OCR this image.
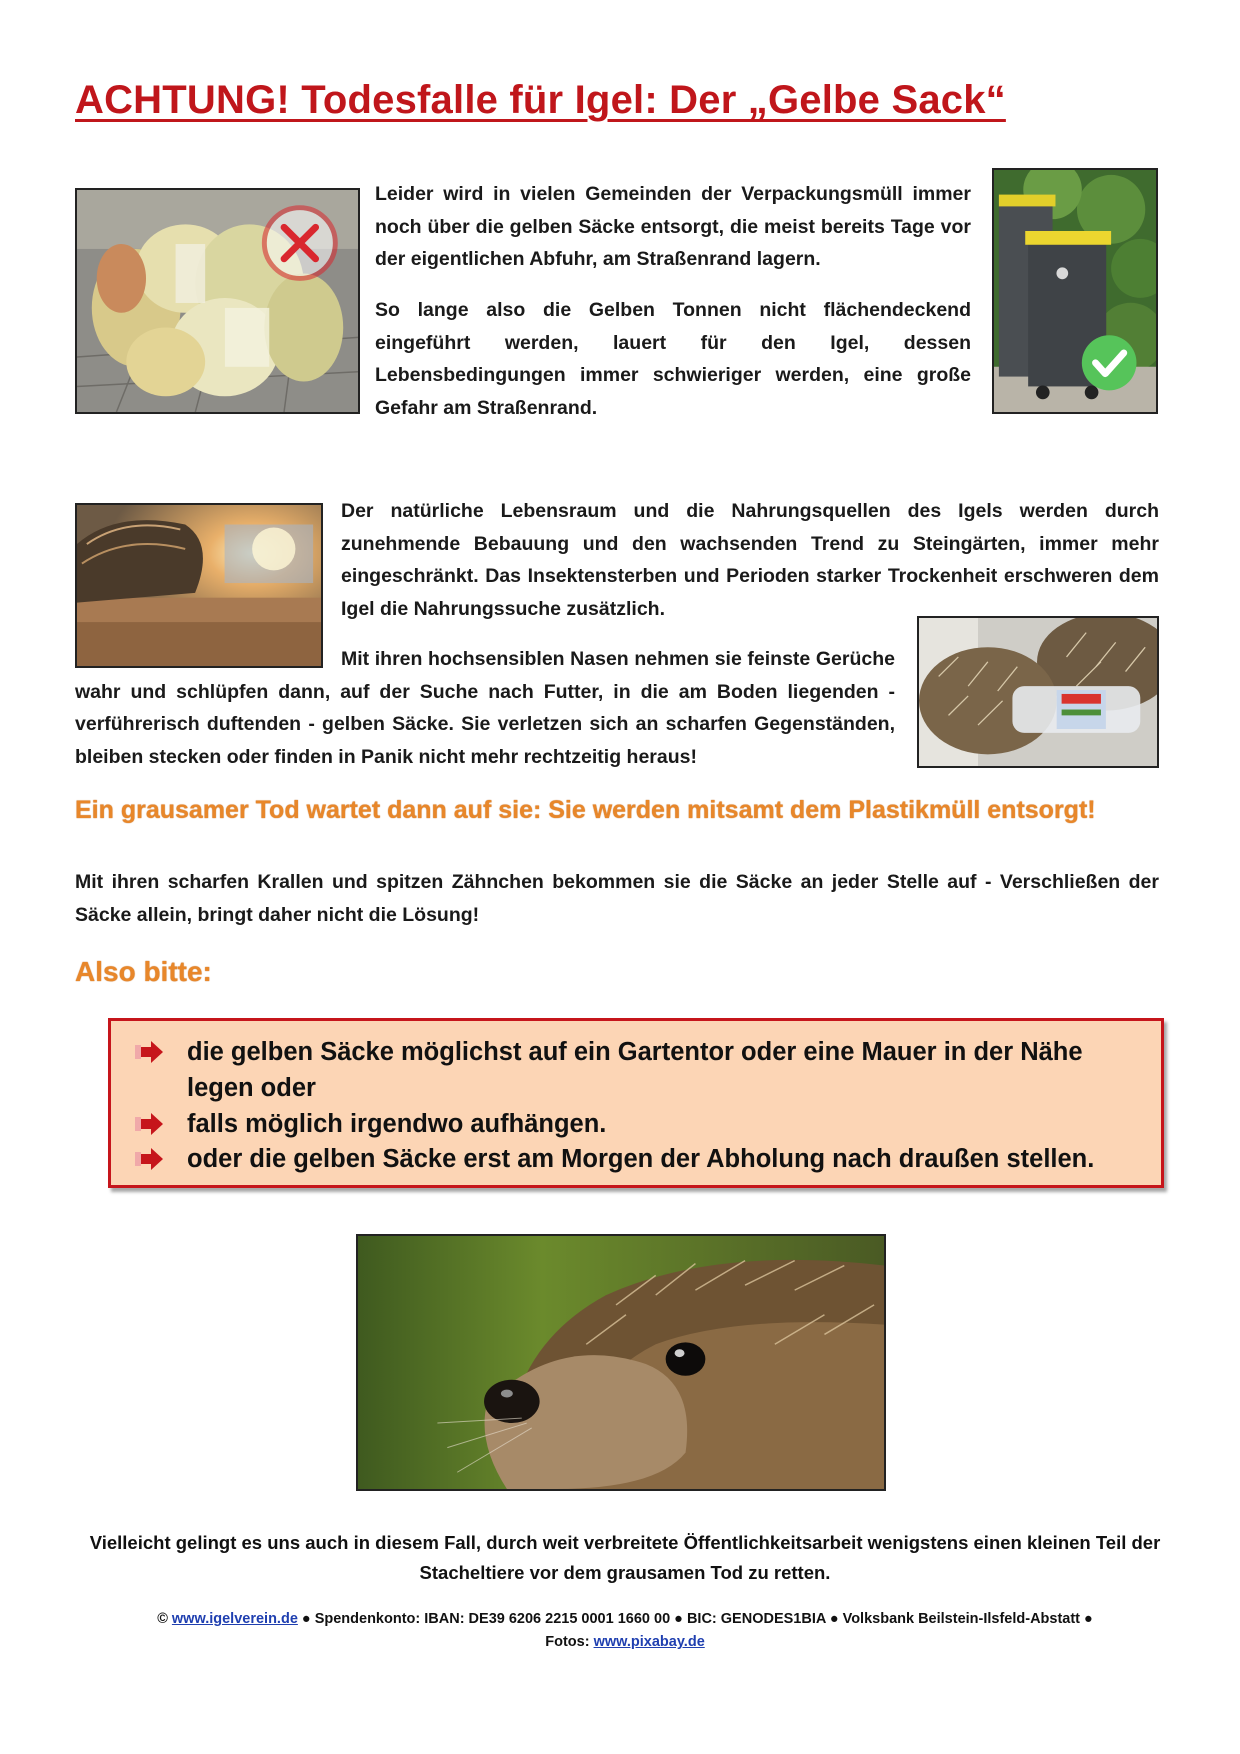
ACHTUNG! Todesfalle für Igel: Der „Gelbe Sack“
Leider wird in vielen Gemeinden der Verpackungsmüll immer noch über die gelben Säcke entsorgt, die meist bereits Tage vor der eigentlichen Abfuhr, am Straßenrand lagern.
So lange also die Gelben Tonnen nicht flächendeckend eingeführt werden, lauert für den Igel, dessen Lebensbedingungen immer schwieriger werden, eine große Gefahr am Straßenrand.
Der natürliche Lebensraum und die Nahrungsquellen des Igels werden durch zunehmende Bebauung und den wachsenden Trend zu Steingärten, immer mehr eingeschränkt. Das Insektensterben und Perioden starker Trockenheit erschweren dem Igel die Nahrungssuche zusätzlich.
Mit ihren hochsensiblen Nasen nehmen sie feinste Gerüche wahr und schlüpfen dann, auf der Suche nach Futter, in die am Boden liegenden - verführerisch duftenden - gelben Säcke. Sie verletzen sich an scharfen Gegenständen, bleiben stecken oder finden in Panik nicht mehr rechtzeitig heraus!
Ein grausamer Tod wartet dann auf sie: Sie werden mitsamt dem Plastikmüll entsorgt!
Mit ihren scharfen Krallen und spitzen Zähnchen bekommen sie die Säcke an jeder Stelle auf - Verschließen der Säcke allein, bringt daher nicht die Lösung!
Also bitte:
die gelben Säcke möglichst auf ein Gartentor oder eine Mauer in der Nähe legen oder
falls möglich irgendwo aufhängen.
oder die gelben Säcke erst am Morgen der Abholung nach draußen stellen.
Vielleicht gelingt es uns auch in diesem Fall, durch weit verbreitete Öffentlichkeitsarbeit wenigstens einen kleinen Teil der Stacheltiere vor dem grausamen Tod zu retten.
© www.igelverein.de ● Spendenkonto: IBAN: DE39 6206 2215 0001 1660 00 ● BIC: GENODES1BIA ● Volksbank Beilstein-Ilsfeld-Abstatt ●
Fotos: www.pixabay.de
